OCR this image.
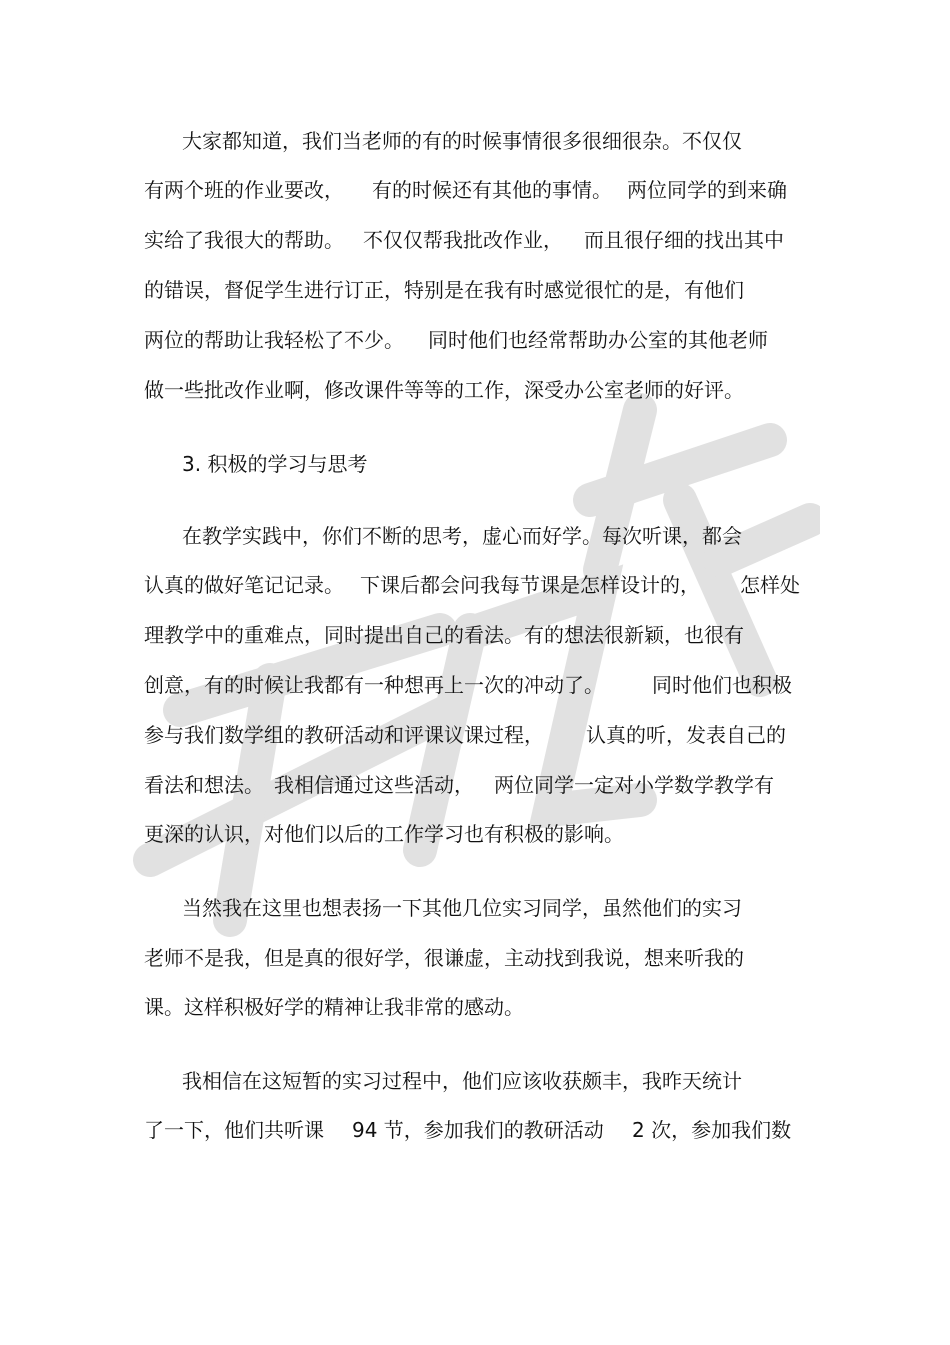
大家都知道，我们当老师的有的时候事情很多很细很杂。不仅仅

有两个班的作业要改，

有的时候还有其他的事情。

两位同学的到来确

实给了我很大的帮助。

不仅仅帮我批改作业，

而且很仔细的找出其中

的错误，督促学生进行订正，特别是在我有时感觉很忙的是，有他们

两位的帮助让我轻松了不少。

同时他们也经常帮助办公室的其他老师

做一些批改作业啊，修改课件等等的工作，深受办公室老师的好评。

3. 积极的学习与思考

在教学实践中，你们不断的思考，虚心而好学。每次听课，都会

认真的做好笔记记录。

下课后都会问我每节课是怎样设计的，

怎样处

理教学中的重难点，同时提出自己的看法。有的想法很新颖，也很有

创意，有的时候让我都有一种想再上一次的冲动了。

同时他们也积极

参与我们数学组的教研活动和评课议课过程，

认真的听，发表自己的

看法和想法。

我相信通过这些活动，

两位同学一定对小学数学教学有

更深的认识，对他们以后的工作学习也有积极的影响。

当然我在这里也想表扬一下其他几位实习同学，虽然他们的实习

老师不是我，但是真的很好学，很谦虚，主动找到我说，想来听我的

课。这样积极好学的精神让我非常的感动。

我相信在这短暂的实习过程中，他们应该收获颇丰，我昨天统计

了一下，他们共听课

94 节，参加我们的教研活动

2 次，参加我们数
